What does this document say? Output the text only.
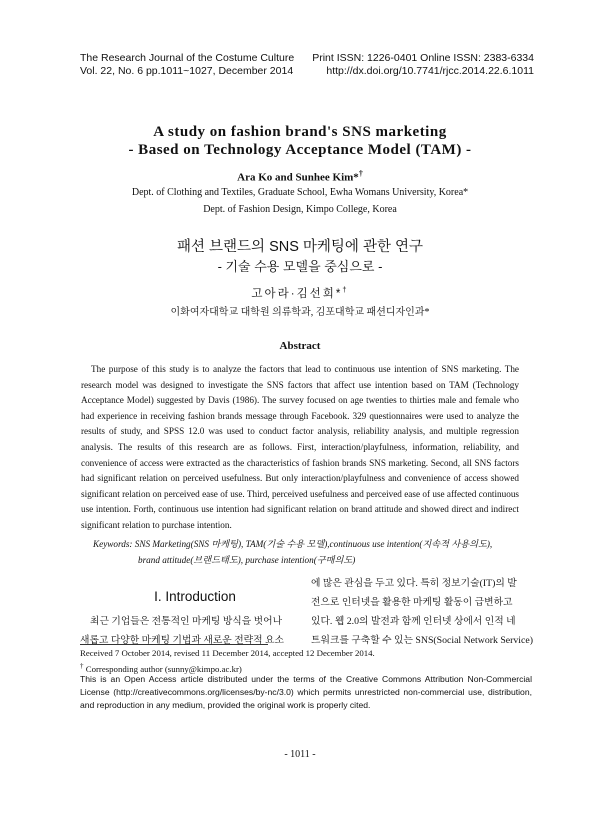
The Research Journal of the Costume Culture
Vol. 22, No. 6 pp.1011~1027, December 2014
Print ISSN: 1226-0401 Online ISSN: 2383-6334
http://dx.doi.org/10.7741/rjcc.2014.22.6.1011
A study on fashion brand's SNS marketing
- Based on Technology Acceptance Model (TAM) -
Ara Ko and Sunhee Kim*†
Dept. of Clothing and Textiles, Graduate School, Ewha Womans University, Korea*
Dept. of Fashion Design, Kimpo College, Korea
패션 브랜드의 SNS 마케팅에 관한 연구
- 기술 수용 모델을 중심으로 -
고아라·김선희*†
이화여자대학교 대학원 의류학과, 김포대학교 패션디자인과*
Abstract

The purpose of this study is to analyze the factors that lead to continuous use intention of SNS marketing. The research model was designed to investigate the SNS factors that affect use intention based on TAM (Technology Acceptance Model) suggested by Davis (1986). The survey focused on age twenties to thirties male and female who had experience in receiving fashion brands message through Facebook. 329 questionnaires were used to analyze the results of study, and SPSS 12.0 was used to conduct factor analysis, reliability analysis, and multiple regression analysis. The results of this research are as follows. First, interaction/playfulness, information, reliability, and convenience of access were extracted as the characteristics of fashion brands SNS marketing. Second, all SNS factors had significant relation on perceived usefulness. But only interaction/playfulness and convenience of access showed significant relation on perceived ease of use. Third, perceived usefulness and perceived ease of use affected continuous use intention. Forth, continuous use intention had significant relation on brand attitude and showed direct and indirect significant relation to purchase intention.

Keywords: SNS Marketing(SNS 마케팅), TAM(기술 수용 모델),continuous use intention(지속적 사용의도),
brand attitude(브랜드태도), purchase intention(구매의도)
I. Introduction
최근 기업들은 전통적인 마케팅 방식을 벗어나
새롭고 다양한 마케팅 기법과 새로운 전략적 요소
에 많은 관심을 두고 있다. 특히 정보기술(IT)의 발
전으로 인터넷을 활용한 마케팅 활동이 급변하고
있다. 웹 2.0의 발전과 함께 인터넷 상에서 인적 네
트워크를 구축할 수 있는 SNS(Social Network Service)
Received 7 October 2014, revised 11 December 2014, accepted 12 December 2014.
† Corresponding author (sunny@kimpo.ac.kr)

This is an Open Access article distributed under the terms of the Creative Commons Attribution Non-Commercial License (http://creativecommons.org/licenses/by-nc/3.0) which permits unrestricted non-commercial use, distribution, and reproduction in any medium, provided the original work is properly cited.

- 1011 -
